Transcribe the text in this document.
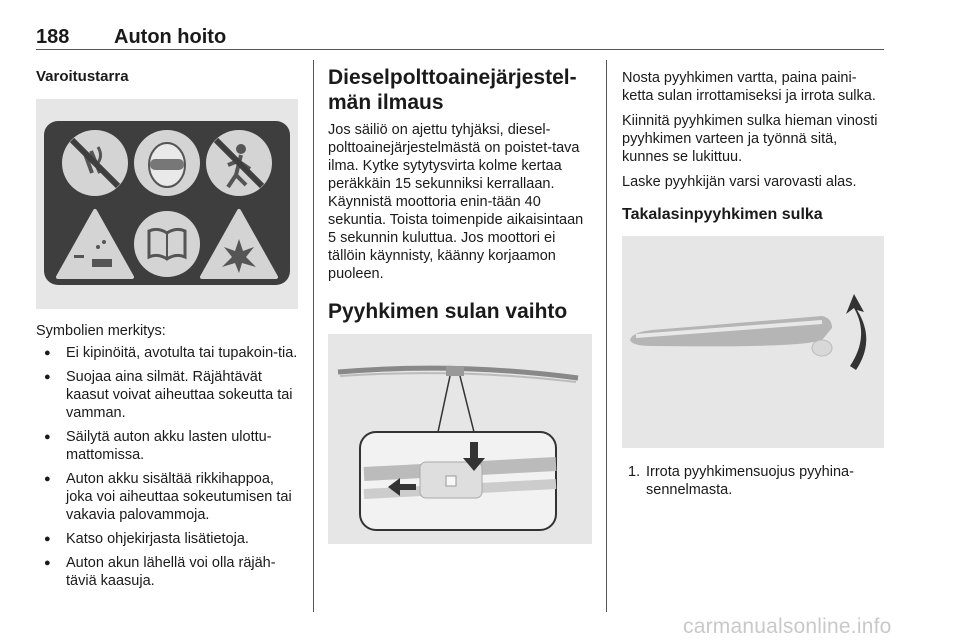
188 Auton hoito
Varoitustarra

Symbolien merkitys:

● Ei kipinöitä, avotulta tai tupakoin-tia.
● Suojaa aina silmät. Räjähtävät kaasut voivat aiheuttaa sokeutta tai vamman.
● Säilytä auton akku lasten ulottu-mattomissa.
● Auton akku sisältää rikkihappoa, joka voi aiheuttaa sokeutumisen tai vakavia palovammoja.
● Katso ohjekirjasta lisätietoja.
● Auton akun lähellä voi olla räjäh-täviä kaasuja.
Dieselpolttoainejärjestel-män ilmaus

Jos säiliö on ajettu tyhjäksi, diesel-polttoainejärjestelmästä on poistet-tava ilma. Kytke sytytysvirta kolme kertaa peräkkäin 15 sekunniksi kerrallaan. Käynnistä moottoria enin-tään 40 sekuntia. Toista toimenpide aikaisintaan 5 sekunnin kuluttua. Jos moottori ei tällöin käynnisty, käänny korjaamon puoleen.

Pyyhkimen sulan vaihto

Nosta pyyhkimen vartta, paina paini-ketta sulan irrottamiseksi ja irrota sulka.

Kiinnitä pyyhkimen sulka hieman vinosti pyyhkimen varteen ja työnnä sitä, kunnes se lukittuu.

Laske pyyhkijän varsi varovasti alas.

Takalasinpyyhkimen sulka
1. Irrota pyyhkimensuojus pyyhina-sennelmasta.
carmanualsonline.info
